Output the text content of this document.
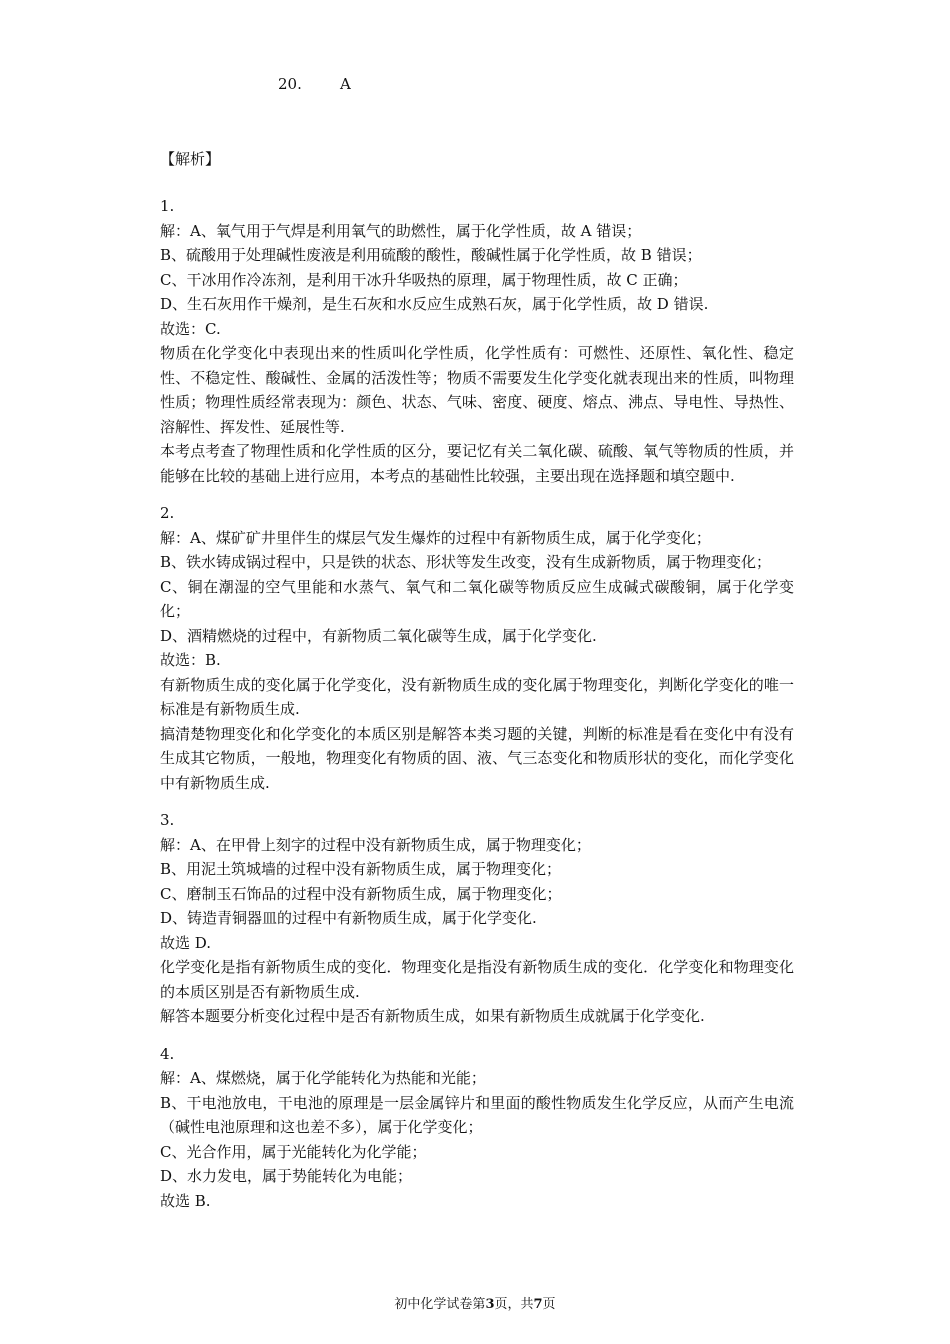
20.	A
【解析】
1.
解：A、氧气用于气焊是利用氧气的助燃性，属于化学性质，故 A 错误；
B、硫酸用于处理碱性废液是利用硫酸的酸性，酸碱性属于化学性质，故 B 错误；
C、干冰用作冷冻剂，是利用干冰升华吸热的原理，属于物理性质，故 C 正确；
D、生石灰用作干燥剂，是生石灰和水反应生成熟石灰，属于化学性质，故 D 错误.
故选：C.
物质在化学变化中表现出来的性质叫化学性质，化学性质有：可燃性、还原性、氧化性、稳定性、不稳定性、酸碱性、金属的活泼性等；物质不需要发生化学变化就表现出来的性质，叫物理性质；物理性质经常表现为：颜色、状态、气味、密度、硬度、熔点、沸点、导电性、导热性、溶解性、挥发性、延展性等.
本考点考查了物理性质和化学性质的区分，要记忆有关二氧化碳、硫酸、氧气等物质的性质，并能够在比较的基础上进行应用，本考点的基础性比较强，主要出现在选择题和填空题中.
2.
解：A、煤矿矿井里伴生的煤层气发生爆炸的过程中有新物质生成，属于化学变化；
B、铁水铸成锅过程中，只是铁的状态、形状等发生改变，没有生成新物质，属于物理变化；
C、铜在潮湿的空气里能和水蒸气、氧气和二氧化碳等物质反应生成碱式碳酸铜，属于化学变化；
D、酒精燃烧的过程中，有新物质二氧化碳等生成，属于化学变化.
故选：B.
有新物质生成的变化属于化学变化，没有新物质生成的变化属于物理变化，判断化学变化的唯一标准是有新物质生成.
搞清楚物理变化和化学变化的本质区别是解答本类习题的关键，判断的标准是看在变化中有没有生成其它物质，一般地，物理变化有物质的固、液、气三态变化和物质形状的变化，而化学变化中有新物质生成.
3.
解：A、在甲骨上刻字的过程中没有新物质生成，属于物理变化；
B、用泥土筑城墙的过程中没有新物质生成，属于物理变化；
C、磨制玉石饰品的过程中没有新物质生成，属于物理变化；
D、铸造青铜器皿的过程中有新物质生成，属于化学变化.
故选 D.
化学变化是指有新物质生成的变化．物理变化是指没有新物质生成的变化．化学变化和物理变化的本质区别是否有新物质生成.
解答本题要分析变化过程中是否有新物质生成，如果有新物质生成就属于化学变化.
4.
解：A、煤燃烧，属于化学能转化为热能和光能；
B、干电池放电，干电池的原理是一层金属锌片和里面的酸性物质发生化学反应，从而产生电流（碱性电池原理和这也差不多），属于化学变化；
C、光合作用，属于光能转化为化学能；
D、水力发电，属于势能转化为电能；
故选 B.
初中化学试卷第3页，共7页
